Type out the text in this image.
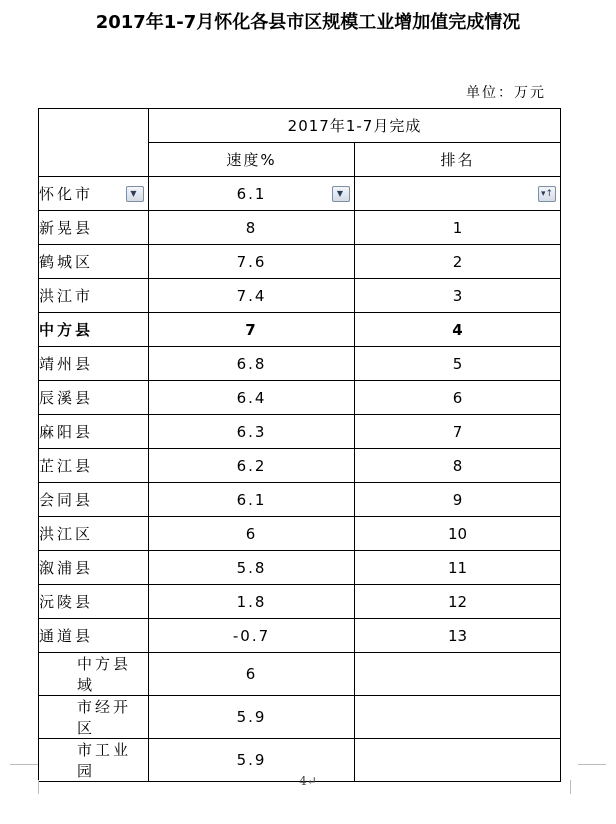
2017年1-7月怀化各县市区规模工业增加值完成情况
单位：万元
	2017年1-7月完成	
	速度%	排名
怀化市 ▼	6.1 ▼	▾↑

新晃县	8	1
鹤城区	7.6	2
洪江市	7.4	3
中方县	7	4
靖州县	6.8	5
辰溪县	6.4	6
麻阳县	6.3	7
芷江县	6.2	8
会同县	6.1	9
洪江区	6	10
溆浦县	5.8	11
沅陵县	1.8	12
通道县	-0.7	13
中方县域	6	
市经开区	5.9	
市工业园	5.9	
4↵
